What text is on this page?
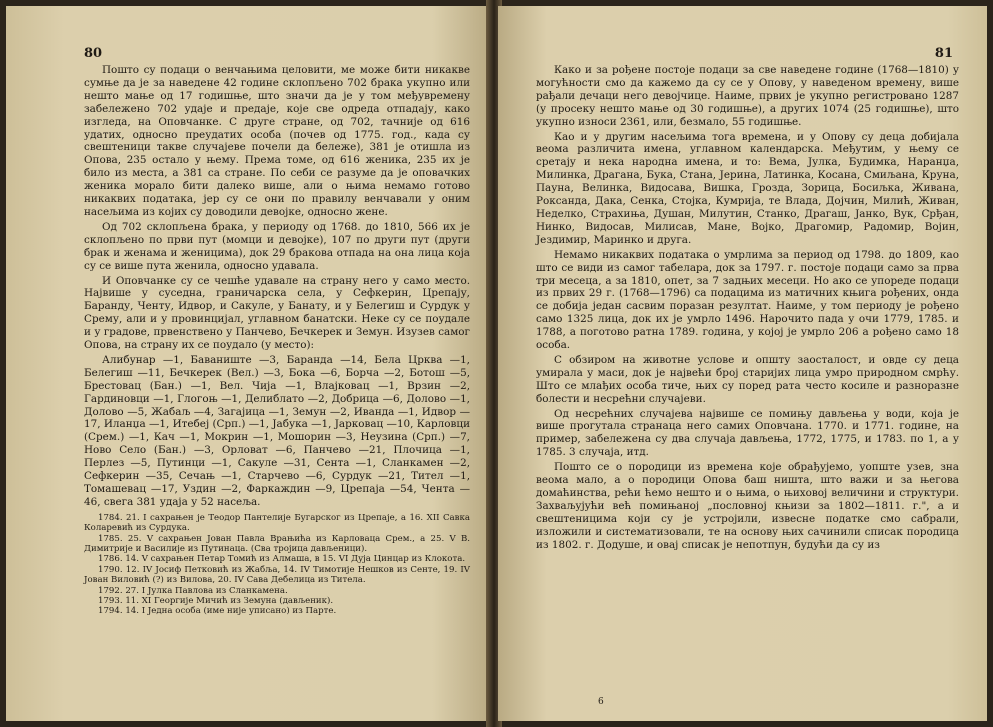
80

Пошто су подаци о венчањима целовити, ме може бити никакве сумње да је за наведене 42 године склопљено 702 брака укупно или нешто мање од 17 годишње, што значи да је у том међувремену забележено 702 удаје и предаје, које све одреда отпадају, како изгледа, на Оповчанке. С друге стране, од 702, тачније од 616 удатих, односно преудатих особа (почев од 1775. год., када су свештеници такве случајеве почели да бележе), 381 је отишла из Опова, 235 остало у њему. Према томе, од 616 женика, 235 их је било из места, а 381 са стране. По себи се разуме да је оповачких женика морало бити далеко више, али о њима немамо готово никаквих података, јер су се они по правилу венчавали у оним насељима из којих су доводили девојке, односно жене.

Од 702 склопљена брака, у периоду од 1768. до 1810, 566 их је склопљено по први пут (момци и девојке), 107 по други пут (други брак и женама и женицима), док 29 бракова отпада на она лица која су се више пута женила, односно удавала.

И Оповчанке су се чешће удавале на страну него у само место. Највише у суседна, граничарска села, у Сефкерин, Црепају, Баранду, Ченту, Идвор, и Сакуле, у Банату, и у Белегиш и Сурдук у Срему, али и у провинцијал, углавном банатски. Неке су се поудале и у градове, првенствено у Панчево, Бечкерек и Земун. Изузев самог Опова, на страну их се поудало (у место):

Алибунар —1, Бавaниште —3, Баранда —14, Бела Црква —1, Белегиш —11, Бечкерек (Вел.) —3, Бока —6, Борча —2, Ботош —5, Брестовац (Бан.) —1, Вел. Чија —1, Влајковац —1, Врзин —2, Гардиновци —1, Глогоњ —1, Делиблато —2, Добрица —6, Долово —1, Долово —5, Жабаљ —4, Загајица —1, Земун —2, Иванда —1, Идвор —17, Иланџа —1, Итебеј (Срп.) —1, Јабука —1, Јарковац —10, Карловци (Срем.) —1, Кач —1, Мокрин —1, Мошорин —3, Неузина (Срп.) —7, Ново Село (Бан.) —3, Орловат —6, Панчево —21, Плочица —1, Перлез —5, Путинци —1, Сакуле —31, Сента —1, Сланкамен —2, Сефкерин —35, Сечањ —1, Старчево —6, Сурдук —21, Тител —1, Томашевац —17, Уздин —2, Фаркаждин —9, Црепаја —54, Чента —46, свега 381 удаја у 52 насеља.

1784. 21. I сахрањен је Теодор Пантелије Бугарског из Црепаје, а 16. XII Савка Коларевић из Сурдука.

1785. 25. V сахрањен Јован Павла Врањића из Карловаца Срем., а 25. V В. Димитрије и Василије из Путинаца. (Сва тројица дављеници).

1786. 14. V сахрањен Петар Томић из Алмаша, в 15. VI Дуја Цинцар из Клокота.

1790. 12. IV Јосиф Петковић из Жабља, 14. IV Тимотије Нешков из Сенте, 19. IV Јован Виловић (?) из Вилова, 20. IV Сава Дебелица из Титела.

1792. 27. I Јулка Павлова из Сланкамена.

1793. 11. XI Георгије Мичић из Земуна (дављеник).

1794. 14. I Једна особа (име није уписано) из Парте.

81

Како и за рођене постоје подаци за све наведене године (1768—1810) у могућности смо да кажемо да су се у Опову, у наведеном времену, више рађали дечаци него девојчице. Наиме, првих је укупно регистровано 1287 (у просеку нешто мање од 30 годишње), а других 1074 (25 годишње), што укупно износи 2361, или, безмало, 55 годишње.

Као и у другим насељима тога времена, и у Опову су деца добијала веома различита имена, углавном календарска. Међутим, у њему се сретају и нека народна имена, и то: Вема, Јулка, Будимка, Наранџа, Милинка, Драгана, Бука, Стана, Јерина, Латинка, Косана, Смиљана, Круна, Пауна, Велинка, Видосава, Вишка, Гроздa, Зорица, Босиљка, Живана, Роксанда, Дака, Сенка, Стојка, Кумрија, те Влада, Дојчин, Милић, Живан, Неделко, Страхиња, Душан, Милутин, Станко, Драгаш, Јанко, Вук, Срђан, Нинко, Видосав, Милисав, Мане, Војко, Драгомир, Радомир, Војин, Јездимир, Маринко и друга.

Немамо никаквих података о умрлима за период од 1798. до 1809, као што се види из самог табелара, док за 1797. г. постоје подаци само за прва три месеца, а за 1810, опет, за 7 задњих месеци. Но ако се упореде подаци из првих 29 г. (1768—1796) са подацима из матичних књига рођених, онда се добија један сасвим поразан резултат. Наиме, у том периоду је рођено само 1325 лица, док их је умрло 1496. Нарочито пада у очи 1779, 1785. и 1788, а поготово ратна 1789. година, у којој је умрло 206 а рођено само 18 особа.

С обзиром на животне услове и општу заосталост, и овде су деца умирала у маси, док је највећи број старијих лица умро природном смрћу. Што се млађих особа тиче, њих су поред рата често косиле и разноразне болести и несрећни случајеви.

Од несрећних случајева највише се помињу дављења у води, која је више прогутала странаца него самих Оповчана. 1770. и 1771. године, на пример, забележена су два случаја дављења, 1772, 1775, и 1783. по 1, а у 1785. 3 случаја, итд.

Пошто се о породици из времена које обрађујемо, уопште узев, зна веома мало, а о породици Опова баш ништа, што важи и за његова домаћинства, рећи ћемо нешто и о њима, о њиховој величини и структури. Захваљујући већ помињаној „пословној књизи за 1802—1811. г.", а и свештеницима који су је устројили, извесне податке смо сабрали, изложили и систематизовали, те на основу њих сачинили списак породица из 1802. г. Додуше, и овај списак је непотпун, будући да су из

6
